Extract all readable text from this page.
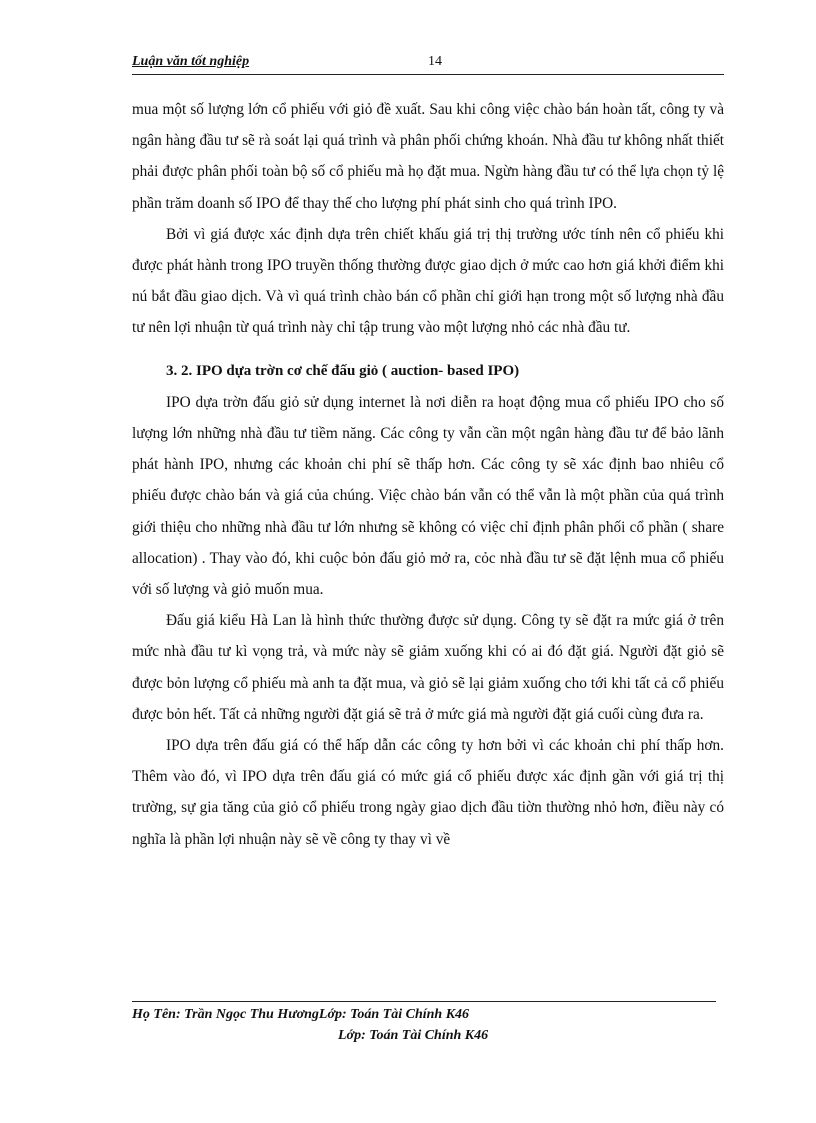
Luận văn tốt nghiệp	14

mua một số lượng lớn cổ phiếu với giỏ đề xuất. Sau khi công việc chào bán hoàn tất, công ty và ngân hàng đầu tư sẽ rà soát lại quá trình và phân phối chứng khoán. Nhà đầu tư không nhất thiết phải được phân phối toàn bộ số cổ phiếu mà họ đặt mua. Ngừn hàng đầu tư có thể lựa chọn tỷ lệ phần trăm doanh số IPO để thay thế cho lượng phí phát sinh cho quá trình IPO.

Bởi vì giá được xác định dựa trên chiết khấu giá trị thị trường ước tính nên cổ phiếu khi được phát hành trong IPO truyền thống thường được giao dịch ở mức cao hơn giá khởi điểm khi nú bắt đầu giao dịch. Và vì quá trình chào bán cổ phần chỉ giới hạn trong một số lượng nhà đầu tư nên lợi nhuận từ quá trình này chỉ tập trung vào một lượng nhỏ các nhà đầu tư.

3. 2. IPO dựa trờn cơ chế đấu giỏ ( auction- based IPO)

IPO dựa trờn đấu giỏ sử dụng internet là nơi diễn ra hoạt động mua cổ phiếu IPO cho số lượng lớn những nhà đầu tư tiềm năng. Các công ty vẫn cần một ngân hàng đầu tư để bảo lãnh phát hành IPO, nhưng các khoản chi phí sẽ thấp hơn. Các công ty sẽ xác định bao nhiêu cổ phiếu được chào bán và giá của chúng. Việc chào bán vẫn có thể vẫn là một phần của quá trình giới thiệu cho những nhà đầu tư lớn nhưng sẽ không có việc chỉ định phân phối cổ phần ( share allocation) . Thay vào đó, khi cuộc bỏn đấu giỏ mở ra, cỏc nhà đầu tư sẽ đặt lệnh mua cổ phiếu với số lượng và giỏ muốn mua.

Đấu giá kiểu Hà Lan là hình thức thường được sử dụng. Công ty sẽ đặt ra mức giá ở trên mức nhà đầu tư kì vọng trả, và mức này sẽ giảm xuống khi có ai đó đặt giá. Người đặt giỏ sẽ được bỏn lượng cổ phiếu mà anh ta đặt mua, và giỏ sẽ lại giảm xuống cho tới khi tất cả cổ phiếu được bỏn hết. Tất cả những người đặt giá sẽ trả ở mức giá mà người đặt giá cuối cùng đưa ra.

IPO dựa trên đấu giá có thể hấp dẫn các công ty hơn bởi vì các khoản chi phí thấp hơn. Thêm vào đó, vì IPO dựa trên đấu giá có mức giá cổ phiếu được xác định gần với giá trị thị trường, sự gia tăng của giỏ cổ phiếu trong ngày giao dịch đầu tiờn thường nhỏ hơn, điều này có nghĩa là phần lợi nhuận này sẽ về công ty thay vì về

Họ Tên: Trần Ngọc Thu HươngLớp: Toán Tài Chính K46
Lớp: Toán Tài Chính K46
